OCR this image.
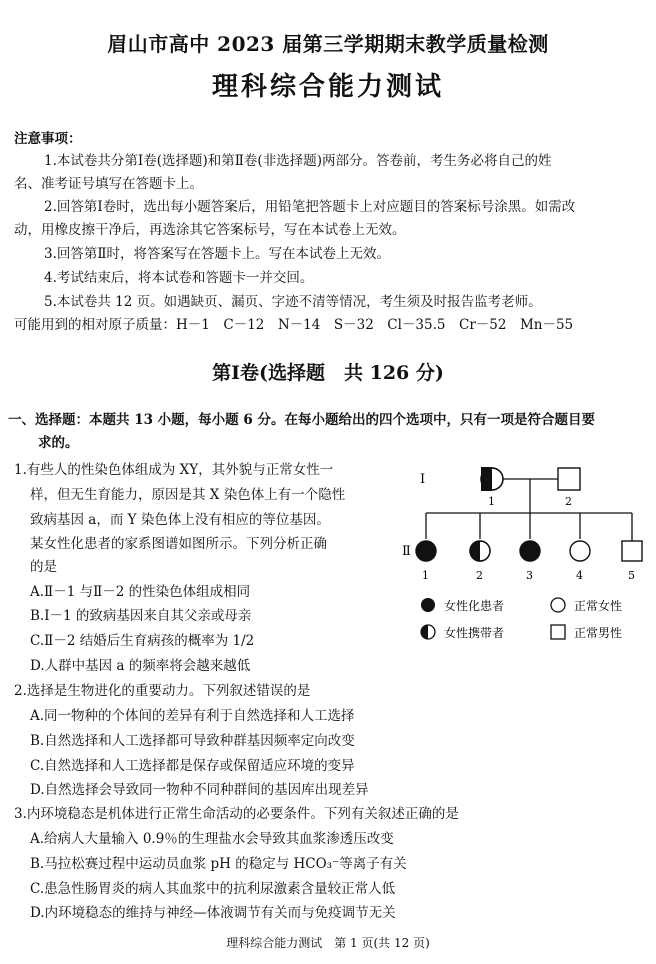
眉山市高中 2023 届第三学期期末教学质量检测
理科综合能力测试
注意事项：
1.本试卷共分第Ⅰ卷(选择题)和第Ⅱ卷(非选择题)两部分。答卷前，考生务必将自己的姓
名、准考证号填写在答题卡上。
2.回答第Ⅰ卷时，选出每小题答案后，用铅笔把答题卡上对应题目的答案标号涂黑。如需改
动，用橡皮擦干净后，再选涂其它答案标号，写在本试卷上无效。
3.回答第Ⅱ时，将答案写在答题卡上。写在本试卷上无效。
4.考试结束后，将本试卷和答题卡一并交回。
5.本试卷共 12 页。如遇缺页、漏页、字迹不清等情况，考生须及时报告监考老师。
可能用到的相对原子质量：H－1　C－12　N－14　S－32　Cl－35.5　Cr－52　Mn－55
第Ⅰ卷(选择题　共 126 分)
一、选择题：本题共 13 小题，每小题 6 分。在每小题给出的四个选项中，只有一项是符合题目要
求的。
1.有些人的性染色体组成为 XY，其外貌与正常女性一
样，但无生育能力，原因是其 X 染色体上有一个隐性
致病基因 a，而 Y 染色体上没有相应的等位基因。
某女性化患者的家系图谱如图所示。下列分析正确
的是
A.Ⅱ－1 与Ⅱ－2 的性染色体组成相同
B.Ⅰ－1 的致病基因来自其父亲或母亲
C.Ⅱ－2 结婚后生育病孩的概率为 1/2
D.人群中基因 a 的频率将会越来越低
Ⅰ
Ⅱ
1	2
1	2	3	4	5
女性化患者	正常女性
女性携带者	正常男性
2.选择是生物进化的重要动力。下列叙述错误的是
A.同一物种的个体间的差异有利于自然选择和人工选择
B.自然选择和人工选择都可导致种群基因频率定向改变
C.自然选择和人工选择都是保存或保留适应环境的变异
D.自然选择会导致同一物种不同种群间的基因库出现差异
3.内环境稳态是机体进行正常生命活动的必要条件。下列有关叙述正确的是
A.给病人大量输入 0.9％的生理盐水会导致其血浆渗透压改变
B.马拉松赛过程中运动员血浆 pH 的稳定与 HCO₃⁻等离子有关
C.患急性肠胃炎的病人其血浆中的抗利尿激素含量较正常人低
D.内环境稳态的维持与神经—体液调节有关而与免疫调节无关
理科综合能力测试　第 1 页(共 12 页)
